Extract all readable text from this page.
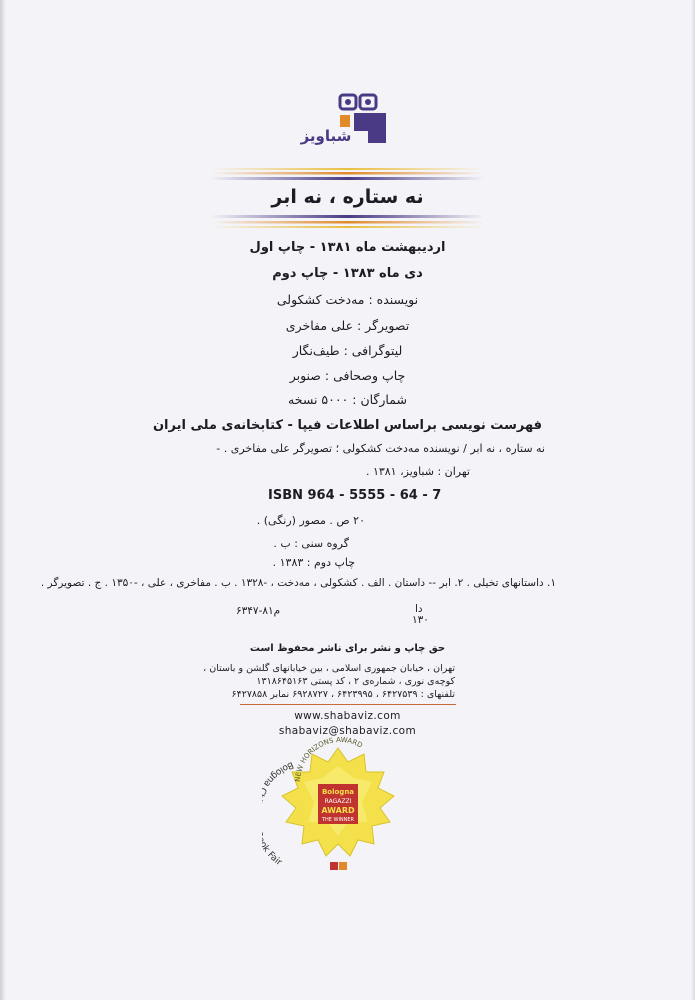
شباویز
نه ستاره ، نه ابر
اردیبهشت ماه ۱۳۸۱ - چاپ اول
دی ماه ۱۳۸۳ - چاپ دوم
نویسنده : مه‌دخت کشکولی
تصویرگر : علی مفاخری
لیتوگرافی : طیف‌نگار
چاپ وصحافی : صنوبر
شمارگان : ۵۰۰۰ نسخه
فهرست نویسی براساس اطلاعات فیپا - کتابخانه‌ی ملی ایران
نه ستاره ، نه ابر / نویسنده مه‌دخت کشکولی ؛ تصویرگر علی مفاخری . -
تهران : شباویز، ۱۳۸۱ .
ISBN 964 - 5555 - 64 - 7
۲۰ ص . مصور (رنگی) .
گروه سنی : ب .
چاپ دوم : ۱۳۸۳ .
۱. داستانهای تخیلی . ۲. ابر -- داستان . الف . کشکولی ، مه‌دخت ، -۱۳۲۸ . ب . مفاخری ، علی ، -۱۳۵۰ . ج . تصویرگر .
دا
۱۳۰
م۸۱-۶۳۴۷
حق چاپ و نشر برای ناشر محفوظ است
تهران ، خیابان جمهوری اسلامی ، بین خیابانهای گلشن و باستان ،
کوچه‌ی نوری ، شماره‌ی ۲ ، کد پستی ۱۳۱۸۶۴۵۱۶۳
تلفنهای : ۶۴۲۷۵۳۹ ، ۶۴۲۳۹۹۵ ، ۶۹۲۸۷۲۷ نمابر ۶۴۲۷۸۵۸
www.shabaviz.com
shabaviz@shabaviz.com
NEW HORIZONS AWARD
Bologna Fair
Bologna
RAGAZZI
AWARD
THE WINNER
